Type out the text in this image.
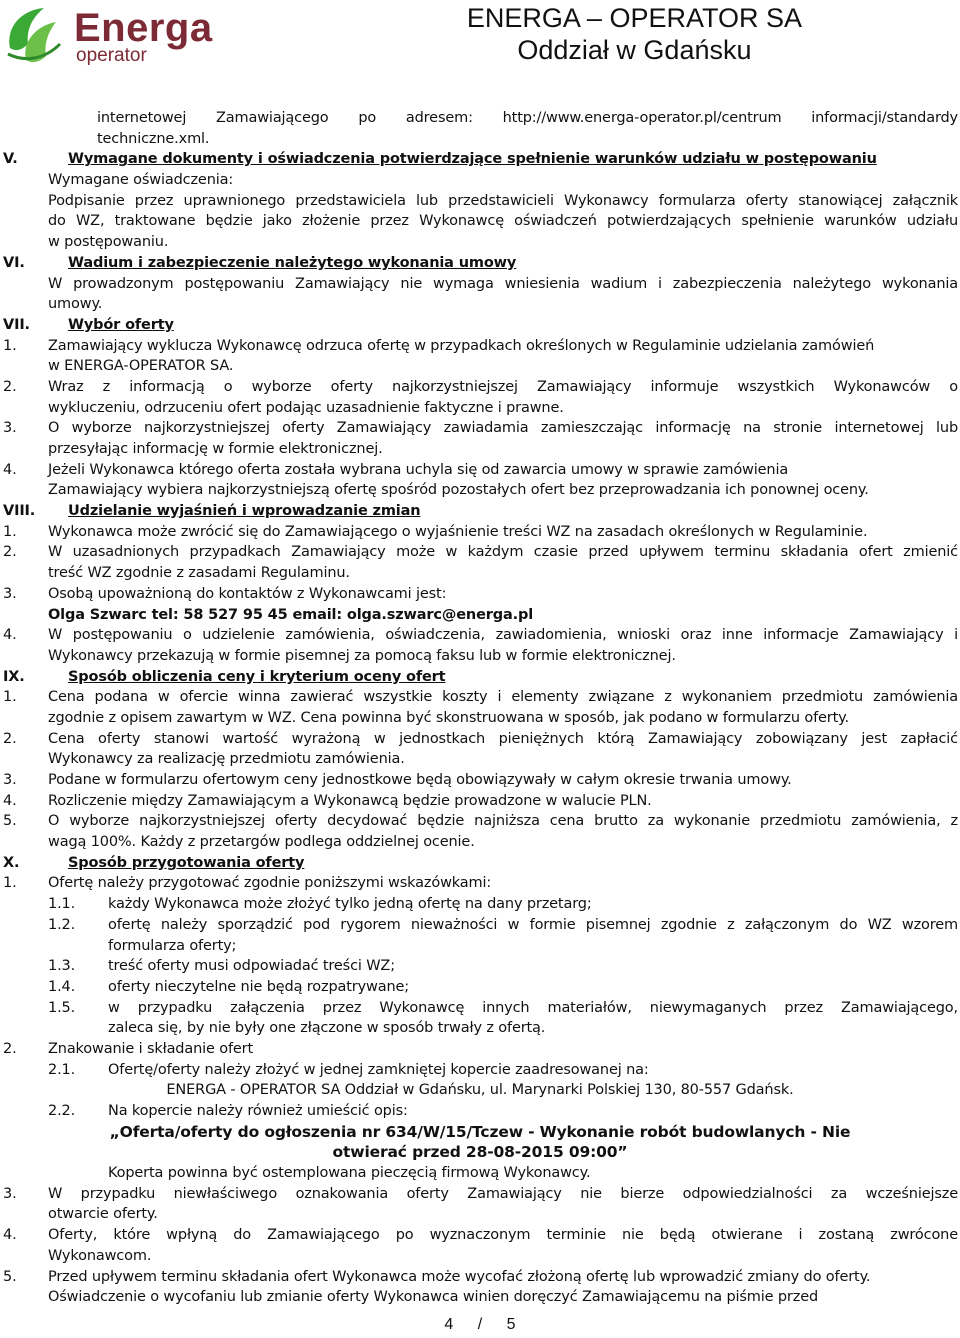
Energa
operator
ENERGA – OPERATOR SA
Oddział w Gdańsku
internetowej Zamawiającego po adresem: http://www.energa-operator.pl/centrum informacji/standardy
techniczne.xml.
V.	Wymagane dokumenty i oświadczenia potwierdzające spełnienie warunków udziału w postępowaniu
Wymagane oświadczenia:
Podpisanie przez uprawnionego przedstawiciela lub przedstawicieli Wykonawcy formularza oferty stanowiącej załącznik
do WZ, traktowane będzie jako złożenie przez Wykonawcę oświadczeń potwierdzających spełnienie warunków udziału
w postępowaniu.
VI.	Wadium i zabezpieczenie należytego wykonania umowy
W prowadzonym postępowaniu Zamawiający nie wymaga wniesienia wadium i zabezpieczenia należytego wykonania
umowy.
VII.	Wybór oferty
1. Zamawiający wyklucza Wykonawcę odrzuca ofertę w przypadkach określonych w Regulaminie udzielania zamówień
w ENERGA-OPERATOR SA.
2. Wraz z informacją o wyborze oferty najkorzystniejszej Zamawiający informuje wszystkich Wykonawców o
wykluczeniu, odrzuceniu ofert podając uzasadnienie faktyczne i prawne.
3. O wyborze najkorzystniejszej oferty Zamawiający zawiadamia zamieszczając informację na stronie internetowej lub
przesyłając informację w formie elektronicznej.
4. Jeżeli Wykonawca którego oferta została wybrana uchyla się od zawarcia umowy w sprawie zamówienia
Zamawiający wybiera najkorzystniejszą ofertę spośród pozostałych ofert bez przeprowadzania ich ponownej oceny.
VIII. Udzielanie wyjaśnień i wprowadzanie zmian
1. Wykonawca może zwrócić się do Zamawiającego o wyjaśnienie treści WZ na zasadach określonych w Regulaminie.
2. W uzasadnionych przypadkach Zamawiający może w każdym czasie przed upływem terminu składania ofert zmienić
treść WZ zgodnie z zasadami Regulaminu.
3. Osobą upoważnioną do kontaktów z Wykonawcami jest:
Olga Szwarc tel: 58 527 95 45 email: olga.szwarc@energa.pl
4. W postępowaniu o udzielenie zamówienia, oświadczenia, zawiadomienia, wnioski oraz inne informacje Zamawiający i
Wykonawcy przekazują w formie pisemnej za pomocą faksu lub w formie elektronicznej.
IX.	Sposób obliczenia ceny i kryterium oceny ofert
1. Cena podana w ofercie winna zawierać wszystkie koszty i elementy związane z wykonaniem przedmiotu zamówienia
zgodnie z opisem zawartym w WZ. Cena powinna być skonstruowana w sposób, jak podano w formularzu oferty.
2. Cena oferty stanowi wartość wyrażoną w jednostkach pieniężnych którą Zamawiający zobowiązany jest zapłacić
Wykonawcy za realizację przedmiotu zamówienia.
3. Podane w formularzu ofertowym ceny jednostkowe będą obowiązywały w całym okresie trwania umowy.
4. Rozliczenie między Zamawiającym a Wykonawcą będzie prowadzone w walucie PLN.
5. O wyborze najkorzystniejszej oferty decydować będzie najniższa cena brutto za wykonanie przedmiotu zamówienia, z
wagą 100%. Każdy z przetargów podlega oddzielnej ocenie.
X.	Sposób przygotowania oferty
1. Ofertę należy przygotować zgodnie poniższymi wskazówkami:
1.1. każdy Wykonawca może złożyć tylko jedną ofertę na dany przetarg;
1.2. ofertę należy sporządzić pod rygorem nieważności w formie pisemnej zgodnie z załączonym do WZ wzorem
formularza oferty;
1.3. treść oferty musi odpowiadać treści WZ;
1.4. oferty nieczytelne nie będą rozpatrywane;
1.5. w przypadku załączenia przez Wykonawcę innych materiałów, niewymaganych przez Zamawiającego,
zaleca się, by nie były one złączone w sposób trwały z ofertą.
2. Znakowanie i składanie ofert
2.1. Ofertę/oferty należy złożyć w jednej zamkniętej kopercie zaadresowanej na:
ENERGA - OPERATOR SA Oddział w Gdańsku, ul. Marynarki Polskiej 130, 80-557 Gdańsk.
2.2. Na kopercie należy również umieścić opis:
„Oferta/oferty do ogłoszenia nr 634/W/15/Tczew - Wykonanie robót budowlanych - Nie
otwierać przed 28-08-2015 09:00”
Koperta powinna być ostemplowana pieczęcią firmową Wykonawcy.
3. W przypadku niewłaściwego oznakowania oferty Zamawiający nie bierze odpowiedzialności za wcześniejsze
otwarcie oferty.
4. Oferty, które wpłyną do Zamawiającego po wyznaczonym terminie nie będą otwierane i zostaną zwrócone
Wykonawcom.
5. Przed upływem terminu składania ofert Wykonawca może wycofać złożoną ofertę lub wprowadzić zmiany do oferty.
Oświadczenie o wycofaniu lub zmianie oferty Wykonawca winien doręczyć Zamawiającemu na piśmie przed
4 / 5
